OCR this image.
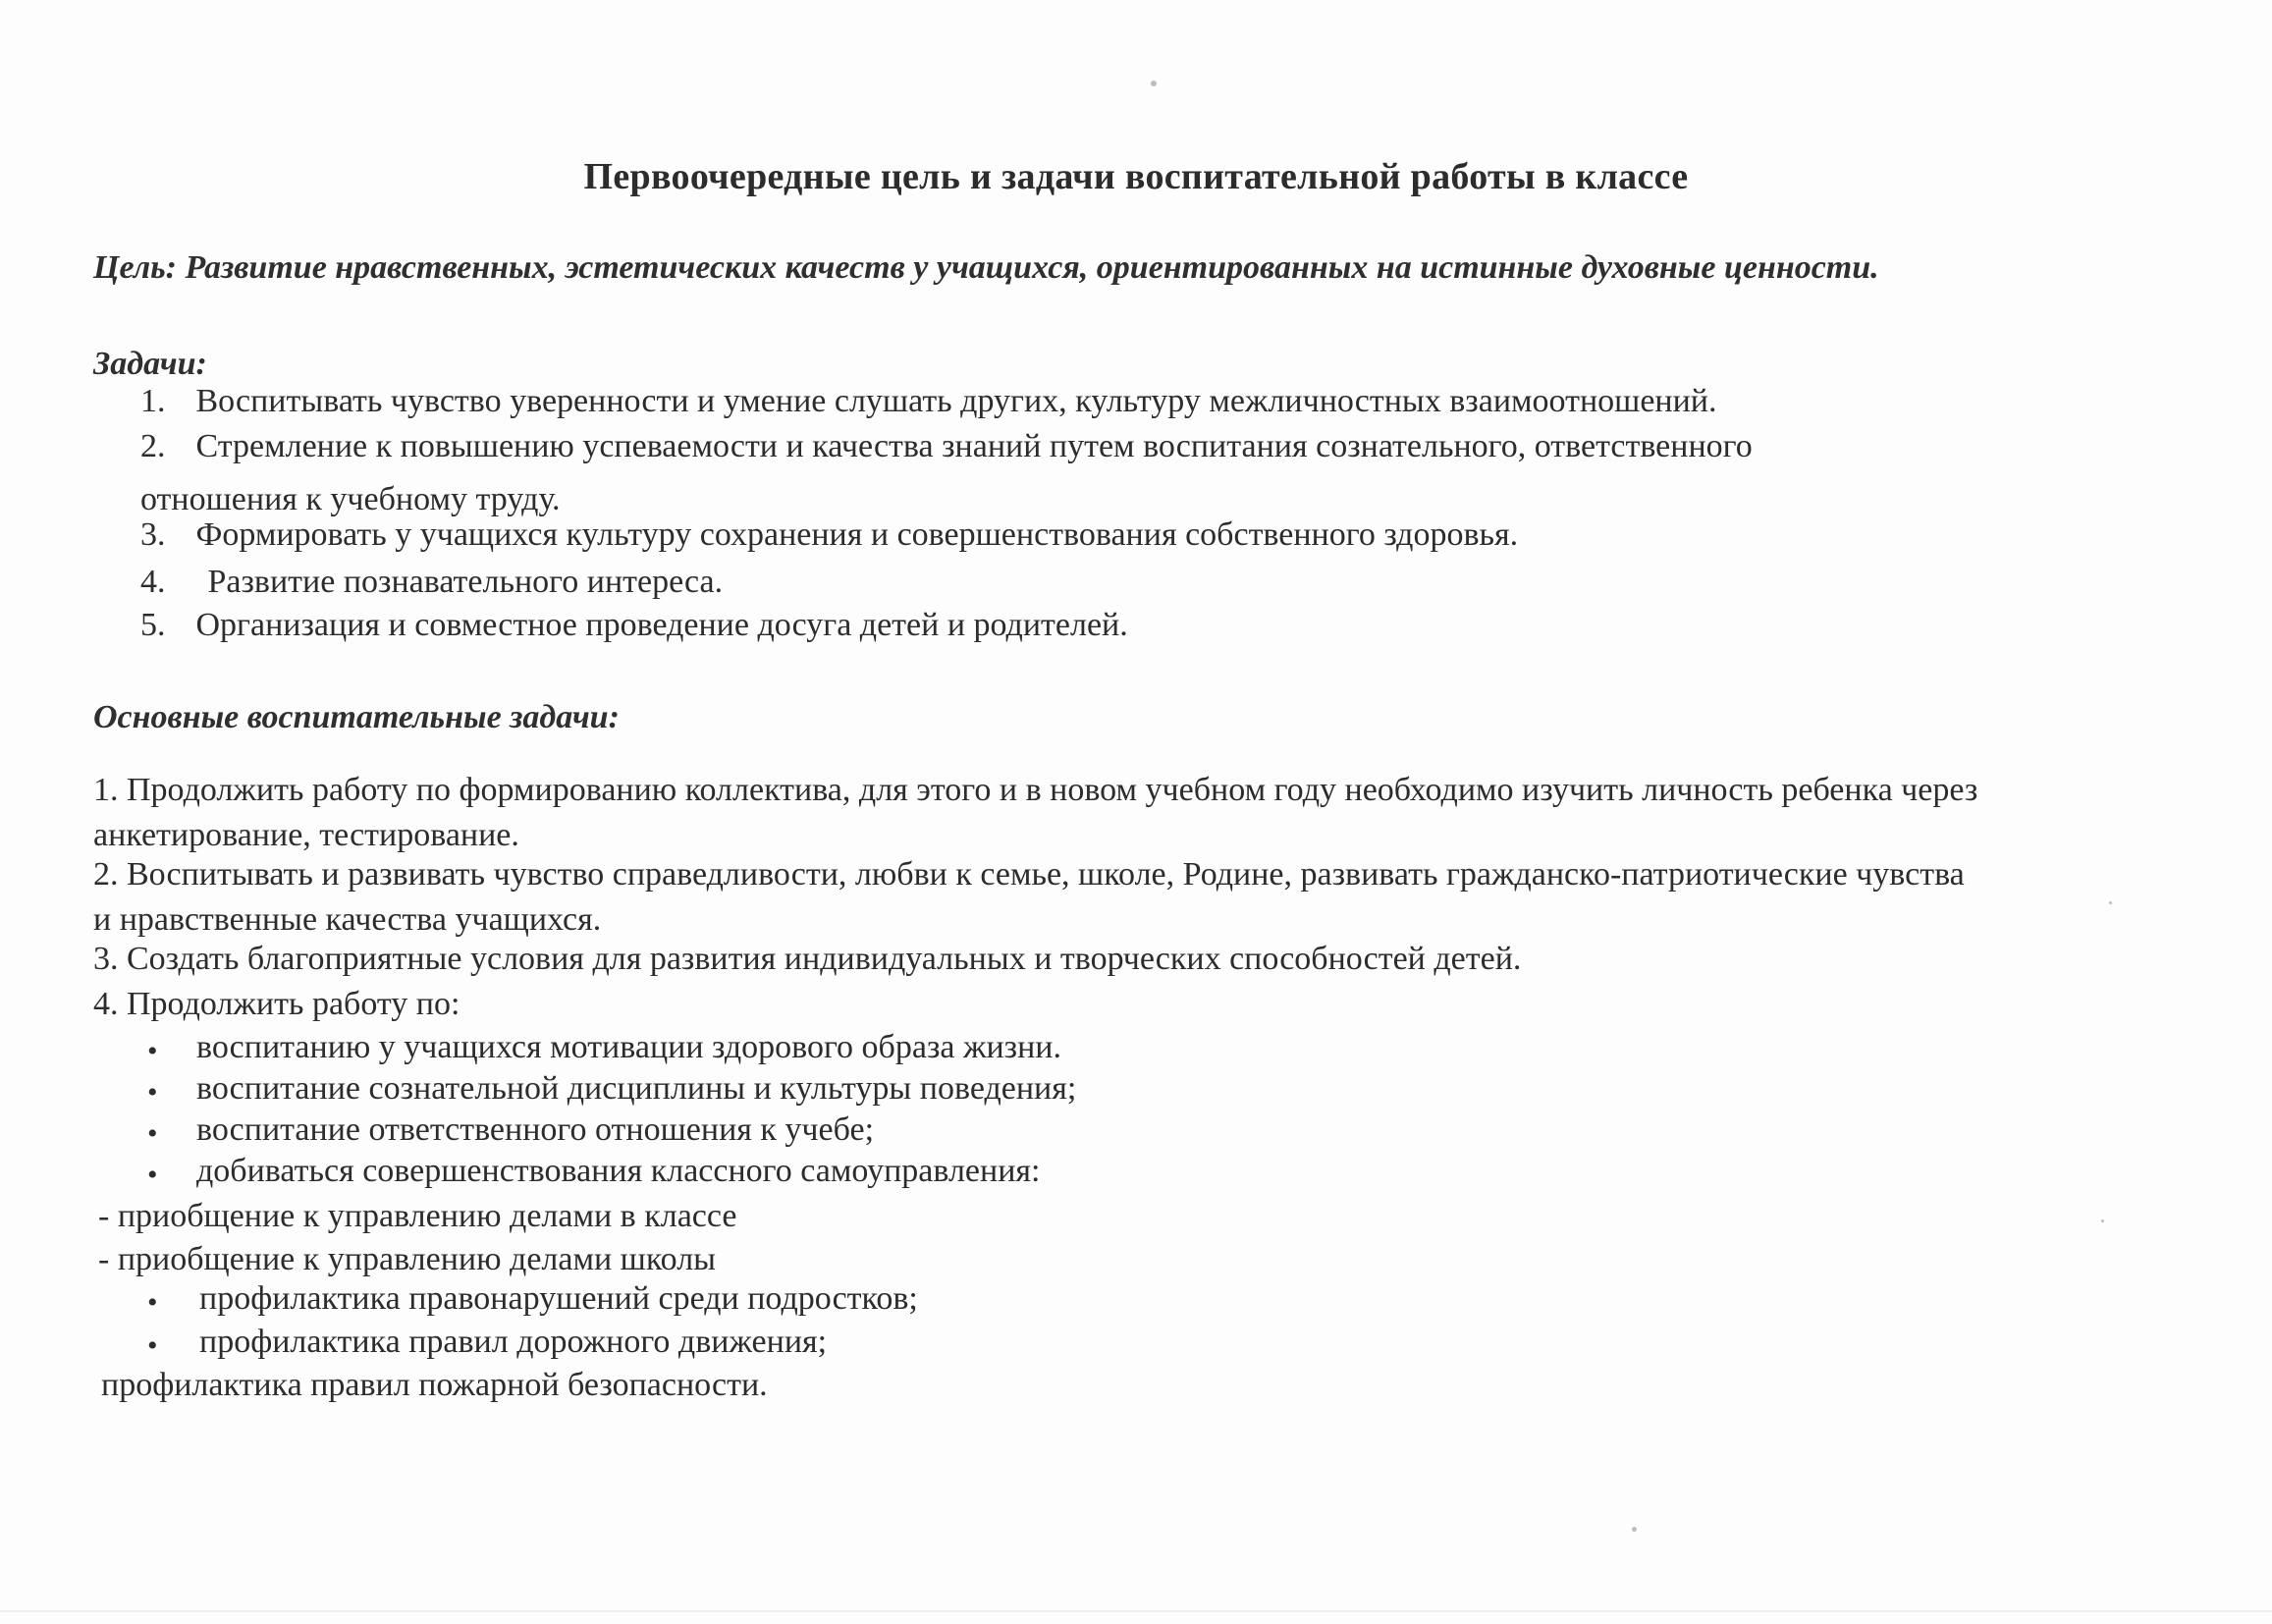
Первоочередные цель и задачи воспитательной работы в классе
Цель: Развитие нравственных, эстетических качеств у учащихся, ориентированных на истинные духовные ценности.
Задачи:
1. Воспитывать чувство уверенности и умение слушать других, культуру межличностных взаимоотношений.
2. Стремление к повышению успеваемости и качества знаний путем воспитания сознательного, ответственного
отношения к учебному труду.
3. Формировать у учащихся культуру сохранения и совершенствования собственного здоровья.
4. Развитие познавательного интереса.
5. Организация и совместное проведение досуга детей и родителей.
Основные воспитательные задачи:
1. Продолжить работу по формированию коллектива, для этого и в новом учебном году необходимо изучить личность ребенка через
анкетирование, тестирование.
2. Воспитывать и развивать чувство справедливости, любви к семье, школе, Родине, развивать гражданско-патриотические чувства
и нравственные качества учащихся.
3. Создать благоприятные условия для развития индивидуальных и творческих способностей детей.
4. Продолжить работу по:
• воспитанию у учащихся мотивации здорового образа жизни.
• воспитание сознательной дисциплины и культуры поведения;
• воспитание ответственного отношения к учебе;
• добиваться совершенствования классного самоуправления:
- приобщение к управлению делами в классе
- приобщение к управлению делами школы
• профилактика правонарушений среди подростков;
• профилактика правил дорожного движения;
профилактика правил пожарной безопасности.
